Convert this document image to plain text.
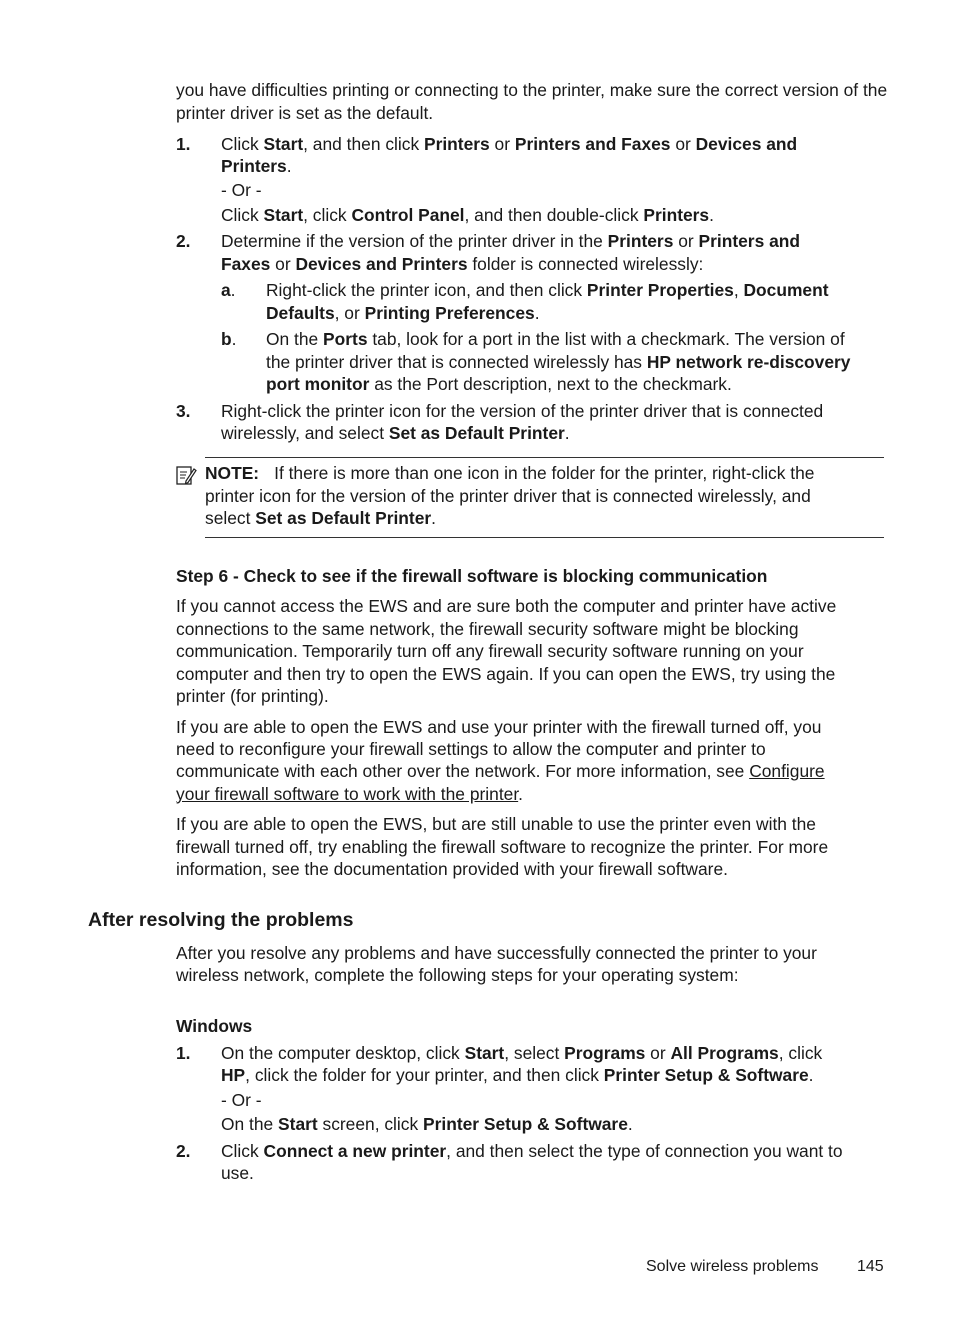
you have difficulties printing or connecting to the printer, make sure the correct version of the printer driver is set as the default.
1. Click Start, and then click Printers or Printers and Faxes or Devices and
Printers.
- Or -
Click Start, click Control Panel, and then double-click Printers.
2. Determine if the version of the printer driver in the Printers or Printers and
Faxes or Devices and Printers folder is connected wirelessly:
a. Right-click the printer icon, and then click Printer Properties, Document
Defaults, or Printing Preferences.
b. On the Ports tab, look for a port in the list with a checkmark. The version of
the printer driver that is connected wirelessly has HP network re-discovery
port monitor as the Port description, next to the checkmark.
3. Right-click the printer icon for the version of the printer driver that is connected
wirelessly, and select Set as Default Printer.
NOTE: If there is more than one icon in the folder for the printer, right-click the
printer icon for the version of the printer driver that is connected wirelessly, and
select Set as Default Printer.
Step 6 - Check to see if the firewall software is blocking communication
If you cannot access the EWS and are sure both the computer and printer have active
connections to the same network, the firewall security software might be blocking
communication. Temporarily turn off any firewall security software running on your
computer and then try to open the EWS again. If you can open the EWS, try using the
printer (for printing).
If you are able to open the EWS and use your printer with the firewall turned off, you
need to reconfigure your firewall settings to allow the computer and printer to
communicate with each other over the network. For more information, see Configure
your firewall software to work with the printer.
If you are able to open the EWS, but are still unable to use the printer even with the
firewall turned off, try enabling the firewall software to recognize the printer. For more
information, see the documentation provided with your firewall software.
After resolving the problems
After you resolve any problems and have successfully connected the printer to your
wireless network, complete the following steps for your operating system:
Windows
1. On the computer desktop, click Start, select Programs or All Programs, click
HP, click the folder for your printer, and then click Printer Setup & Software.
- Or -
On the Start screen, click Printer Setup & Software.
2. Click Connect a new printer, and then select the type of connection you want to
use.
Solve wireless problems 145
